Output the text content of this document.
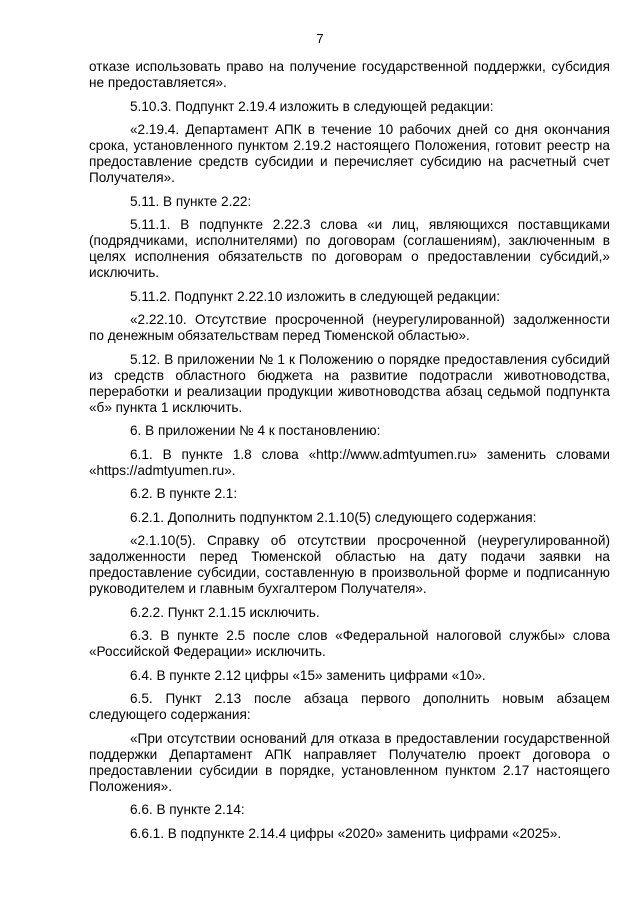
7

отказе использовать право на получение государственной поддержки, субсидия не предоставляется».

5.10.3. Подпункт 2.19.4 изложить в следующей редакции:

«2.19.4. Департамент АПК в течение 10 рабочих дней со дня окончания срока, установленного пунктом 2.19.2 настоящего Положения, готовит реестр на предоставление средств субсидии и перечисляет субсидию на расчетный счет Получателя».

5.11. В пункте 2.22:

5.11.1. В подпункте 2.22.3 слова «и лиц, являющихся поставщиками (подрядчиками, исполнителями) по договорам (соглашениям), заключенным в целях исполнения обязательств по договорам о предоставлении субсидий,» исключить.

5.11.2. Подпункт 2.22.10 изложить в следующей редакции:

«2.22.10. Отсутствие просроченной (неурегулированной) задолженности по денежным обязательствам перед Тюменской областью».

5.12. В приложении № 1 к Положению о порядке предоставления субсидий из средств областного бюджета на развитие подотрасли животноводства, переработки и реализации продукции животноводства абзац седьмой подпункта «б» пункта 1 исключить.

6. В приложении № 4 к постановлению:

6.1. В пункте 1.8 слова «http://www.admtyumen.ru» заменить словами «https://admtyumen.ru».

6.2. В пункте 2.1:

6.2.1. Дополнить подпунктом 2.1.10(5) следующего содержания:

«2.1.10(5). Справку об отсутствии просроченной (неурегулированной) задолженности перед Тюменской областью на дату подачи заявки на предоставление субсидии, составленную в произвольной форме и подписанную руководителем и главным бухгалтером Получателя».

6.2.2. Пункт 2.1.15 исключить.

6.3. В пункте 2.5 после слов «Федеральной налоговой службы» слова «Российской Федерации» исключить.

6.4. В пункте 2.12 цифры «15» заменить цифрами «10».

6.5. Пункт 2.13 после абзаца первого дополнить новым абзацем следующего содержания:

«При отсутствии оснований для отказа в предоставлении государственной поддержки Департамент АПК направляет Получателю проект договора о предоставлении субсидии в порядке, установленном пунктом 2.17 настоящего Положения».

6.6. В пункте 2.14:

6.6.1. В подпункте 2.14.4 цифры «2020» заменить цифрами «2025».
